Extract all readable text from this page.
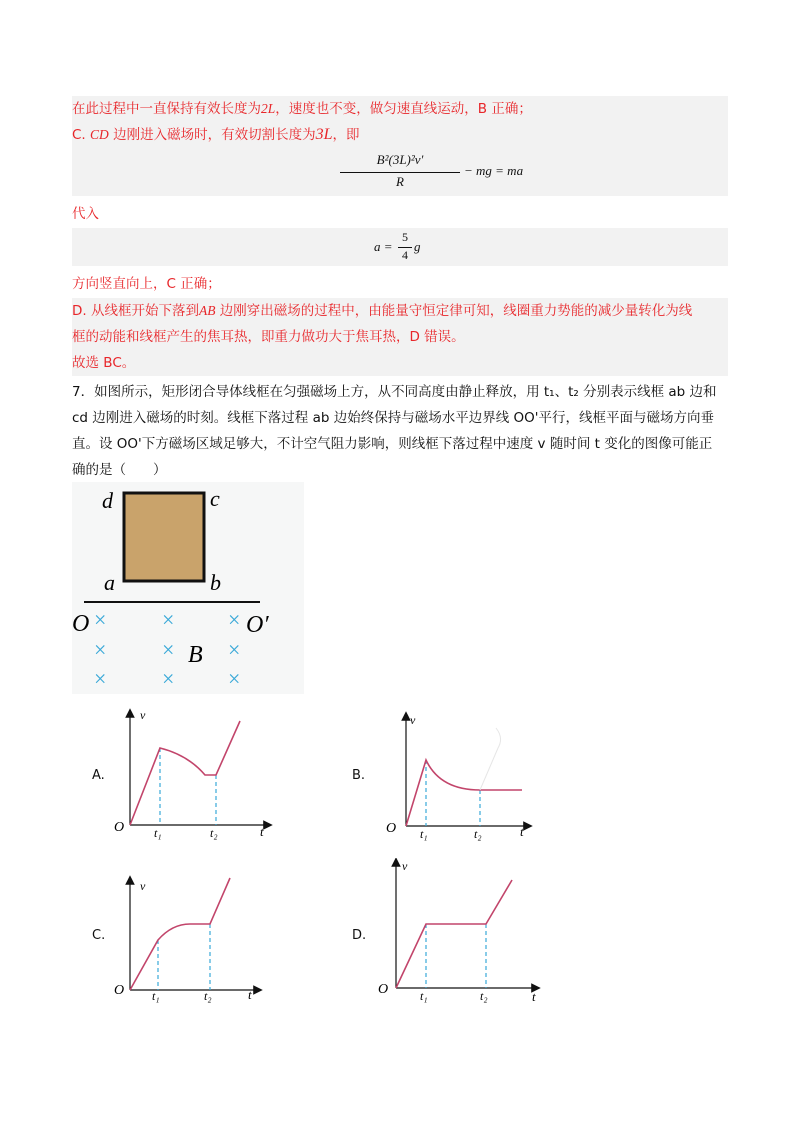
在此过程中一直保持有效长度为2L，速度也不变，做匀速直线运动，B 正确；
C. CD 边刚进入磁场时，有效切割长度为3L，即
B²(3L)²v'
R
− mg = ma
代入
a =
5
4
g
方向竖直向上，C 正确；
D. 从线框开始下落到AB 边刚穿出磁场的过程中，由能量守恒定律可知，线圈重力势能的减少量转化为线
框的动能和线框产生的焦耳热，即重力做功大于焦耳热，D 错误。
故选 BC。
7．如图所示，矩形闭合导体线框在匀强磁场上方，从不同高度由静止释放，用 t₁、t₂ 分别表示线框 ab 边和
cd 边刚进入磁场的时刻。线框下落过程 ab 边始终保持与磁场水平边界线 OO'平行，线框平面与磁场方向垂
直。设 OO'下方磁场区域足够大，不计空气阻力影响，则线框下落过程中速度 v 随时间 t 变化的图像可能正
确的是（　　）
d	c
a	b
O	O′
B
×	× ×
×	× ×
×	× ×
A.	B.
C.	D.
v
t
O t₁	t₂
v
t
O t₁	t₂
v
t
O t₁	t₂
v
t
O	t₁	t₂
